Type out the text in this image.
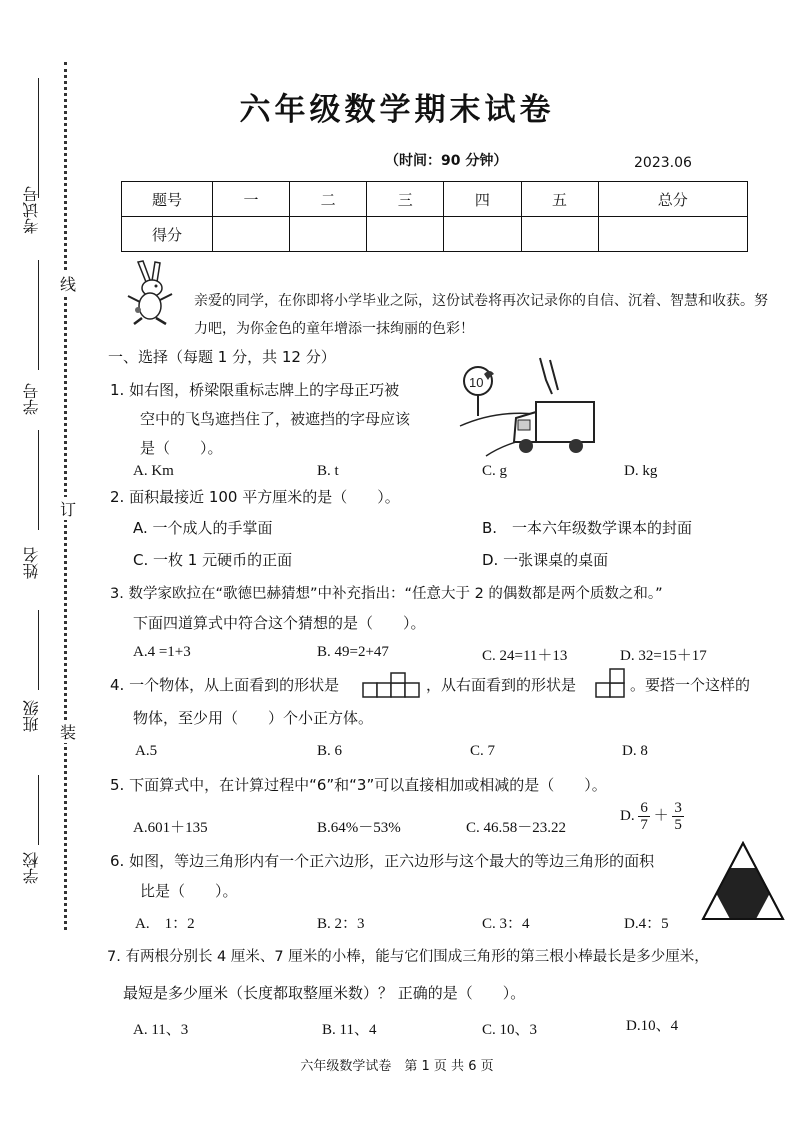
考试号
学号
姓名
班级
学校
线
订
装
六年级数学期末试卷
（时间：90 分钟）	2023.06
题号	一	二	三	四	五	总分
得分						
亲爱的同学，在你即将小学毕业之际，这份试卷将再次记录你的自信、沉着、智慧和收获。努力吧，为你金色的童年增添一抹绚丽的色彩！
一、选择（每题 1 分，共 12 分）
1. 如右图，桥梁限重标志牌上的字母正巧被
空中的飞鸟遮挡住了，被遮挡的字母应该
是（　　）。
10
A. Km	B. t	C. g	D. kg
2. 面积最接近 100 平方厘米的是（　　）。
A. 一个成人的手掌面	B.　一本六年级数学课本的封面
C. 一枚 1 元硬币的正面	D. 一张课桌的桌面
3. 数学家欧拉在“歌德巴赫猜想”中补充指出：“任意大于 2 的偶数都是两个质数之和。”
下面四道算式中符合这个猜想的是（　　）。
A.4 =1+3	B. 49=2+47	C. 24=11＋13	D. 32=15＋17
4. 一个物体，从上面看到的形状是	，从右面看到的形状是	。要搭一个这样的
物体，至少用（　　）个小正方体。
A.5	B. 6	C. 7	D. 8
5. 下面算式中，在计算过程中“6”和“3”可以直接相加或相减的是（　　）。
A.601＋135	B.64%－53%	C. 46.58－23.22
D. $\frac{6}{7} + \frac{3}{5}$
6. 如图，等边三角形内有一个正六边形，正六边形与这个最大的等边三角形的面积
比是（　　）。
A.　1：2	B. 2：3	C. 3：4	D.4：5
7. 有两根分别长 4 厘米、7 厘米的小棒，能与它们围成三角形的第三根小棒最长是多少厘米，
最短是多少厘米（长度都取整厘米数）？ 正确的是（　　）。
A. 11、3	B. 11、4	C. 10、3	D.10、4
六年级数学试卷　第 1 页 共 6 页
